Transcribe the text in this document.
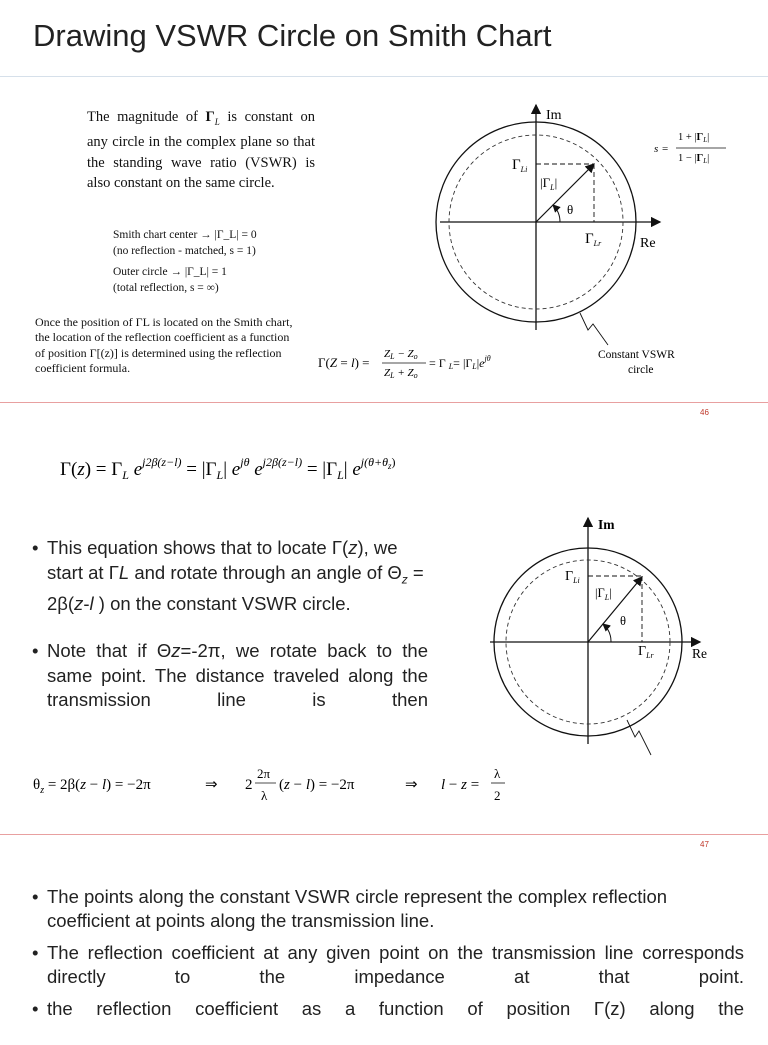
Drawing VSWR Circle on Smith Chart
The magnitude of $\Gamma_L$ is constant on any circle in the complex plane so that the standing wave ratio (VSWR) is also constant on the same circle.
Smith chart center → |Γ_L| = 0
(no reflection - matched, s = 1)
Outer circle → |Γ_L| = 1
(total reflection, s = ∞)
Once the position of ΓL is located on the Smith chart, the location of the reflection coefficient as a function of position Γ[(z)] is determined using the reflection coefficient formula.	Γ(Z = l) =
ZL − Zo
ZL + Zo
= Γ $L= |\Gamma L|e^{j\theta}$
s =
1 + |ΓL|
1 − |ΓL|
Im
Re
$\Gamma_{Li}$
$\Gamma_{Lr}$
$|\Gamma_L|$
θ
Constant VSWR
circle
46
$\Gamma(z) = \Gamma_L$ $e^{j2\beta(z-l)} = |\Gamma_L|$ $e^{j\theta}$ $e^{j2\beta(z-l)} = |\Gamma_L|$ $e^{j(\theta+\theta}z$)
• This equation shows that to locate Γ(z), we start at ΓL and rotate through an angle of $\Theta_z = 2\beta(z-l$ ) on the constant VSWR circle.
• Note that if Θz=-2π, we rotate back to the same point. The distance traveled along the transmission line is then
Im
Re
$\Gamma_{Li}$
$\Gamma_{Lr}$
$|\Gamma_L|$
θ
$\theta_z = 2\beta(z - l) = -2\pi$	⇒ 2
2π
λ
(z − l) = −2π	⇒ l − z =
λ
2
47
• The points along the constant VSWR circle represent the complex reflection coefficient at points along the transmission line.
• The reflection coefficient at any given point on the transmission line corresponds directly to the impedance at that point.
• the reflection coefficient as a function of position Γ(z) along the
